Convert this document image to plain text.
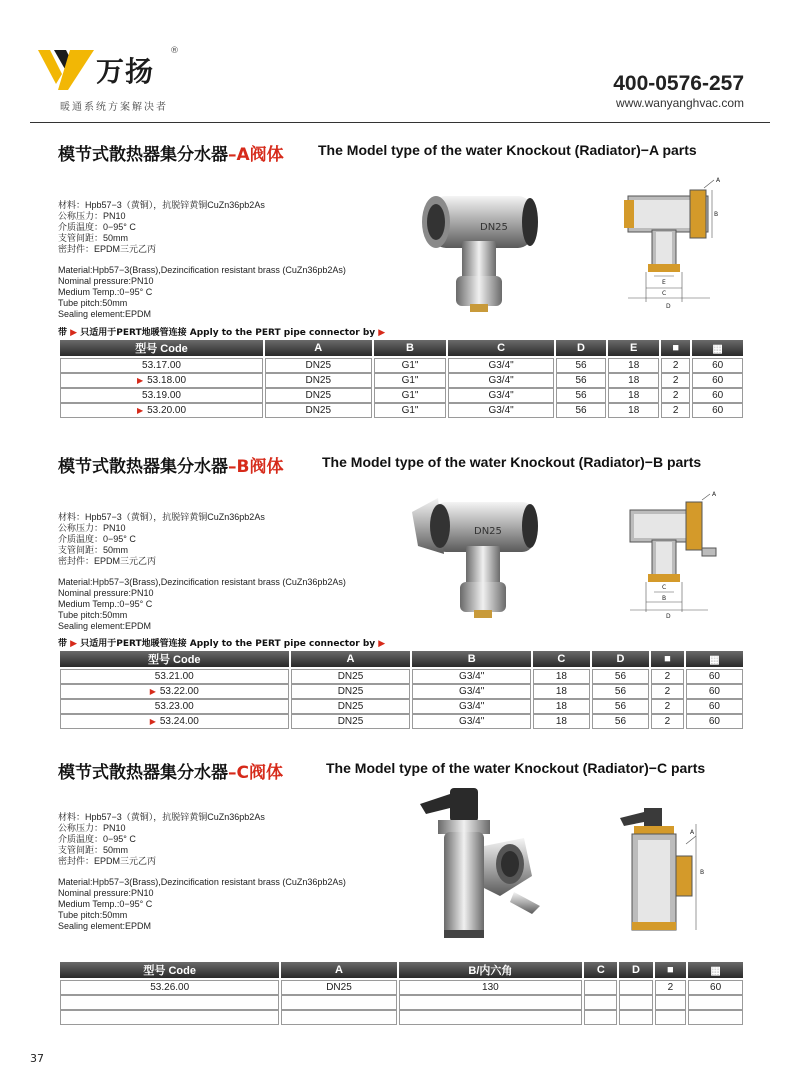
万扬
®
暖通系统方案解决者
400-0576-257
www.wanyanghvac.com
模节式散热器集分水器–A阀体 The Model type of the water Knockout (Radiator)−A parts
材料：Hpb57−3（黄铜），抗脱锌黄铜CuZn36pb2As
公称压力：PN10
介质温度：0−95° C
支管间距：50mm
密封件：EPDM三元乙丙
Material:Hpb57−3(Brass),Dezincification resistant brass (CuZn36pb2As)
Nominal pressure:PN10
Medium Temp.:0−95° C
Tube pitch:50mm
Sealing element:EPDM
DN25
A
B
E
C
D
带 ▶ 只适用于PERT地暖管连接 Apply to the PERT pipe connector by ▶
型号 Code	A	B	C	D	E	■	▦
53.17.00	DN25	G1"	G3/4"	56	18	2	60
▶ 53.18.00	DN25	G1"	G3/4"	56	18	2	60
53.19.00	DN25	G1"	G3/4"	56	18	2	60
▶ 53.20.00	DN25	G1"	G3/4"	56	18	2	60
模节式散热器集分水器–B阀体	The Model type of the water Knockout (Radiator)−B parts
材料：Hpb57−3（黄铜），抗脱锌黄铜CuZn36pb2As
公称压力：PN10
介质温度：0−95° C
支管间距：50mm
密封件：EPDM三元乙丙
Material:Hpb57−3(Brass),Dezincification resistant brass (CuZn36pb2As)
Nominal pressure:PN10
Medium Temp.:0−95° C
Tube pitch:50mm
Sealing element:EPDM
DN25
A
C
B
D
带 ▶ 只适用于PERT地暖管连接 Apply to the PERT pipe connector by ▶
型号 Code	A	B	C	D	■	▦
53.21.00	DN25	G3/4"	18	56	2	60
▶ 53.22.00	DN25	G3/4"	18	56	2	60
53.23.00	DN25	G3/4"	18	56	2	60
▶ 53.24.00	DN25	G3/4"	18	56	2	60
模节式散热器集分水器–C阀体	The Model type of the water Knockout (Radiator)−C parts
材料：Hpb57−3（黄铜），抗脱锌黄铜CuZn36pb2As
公称压力：PN10
介质温度：0−95° C
支管间距：50mm
密封件：EPDM三元乙丙
Material:Hpb57−3(Brass),Dezincification resistant brass (CuZn36pb2As)
Nominal pressure:PN10
Medium Temp.:0−95° C
Tube pitch:50mm
Sealing element:EPDM
A
B
型号 Code	A	B/内六角	C	D	■	▦
53.26.00	DN25	130			2	60

37
